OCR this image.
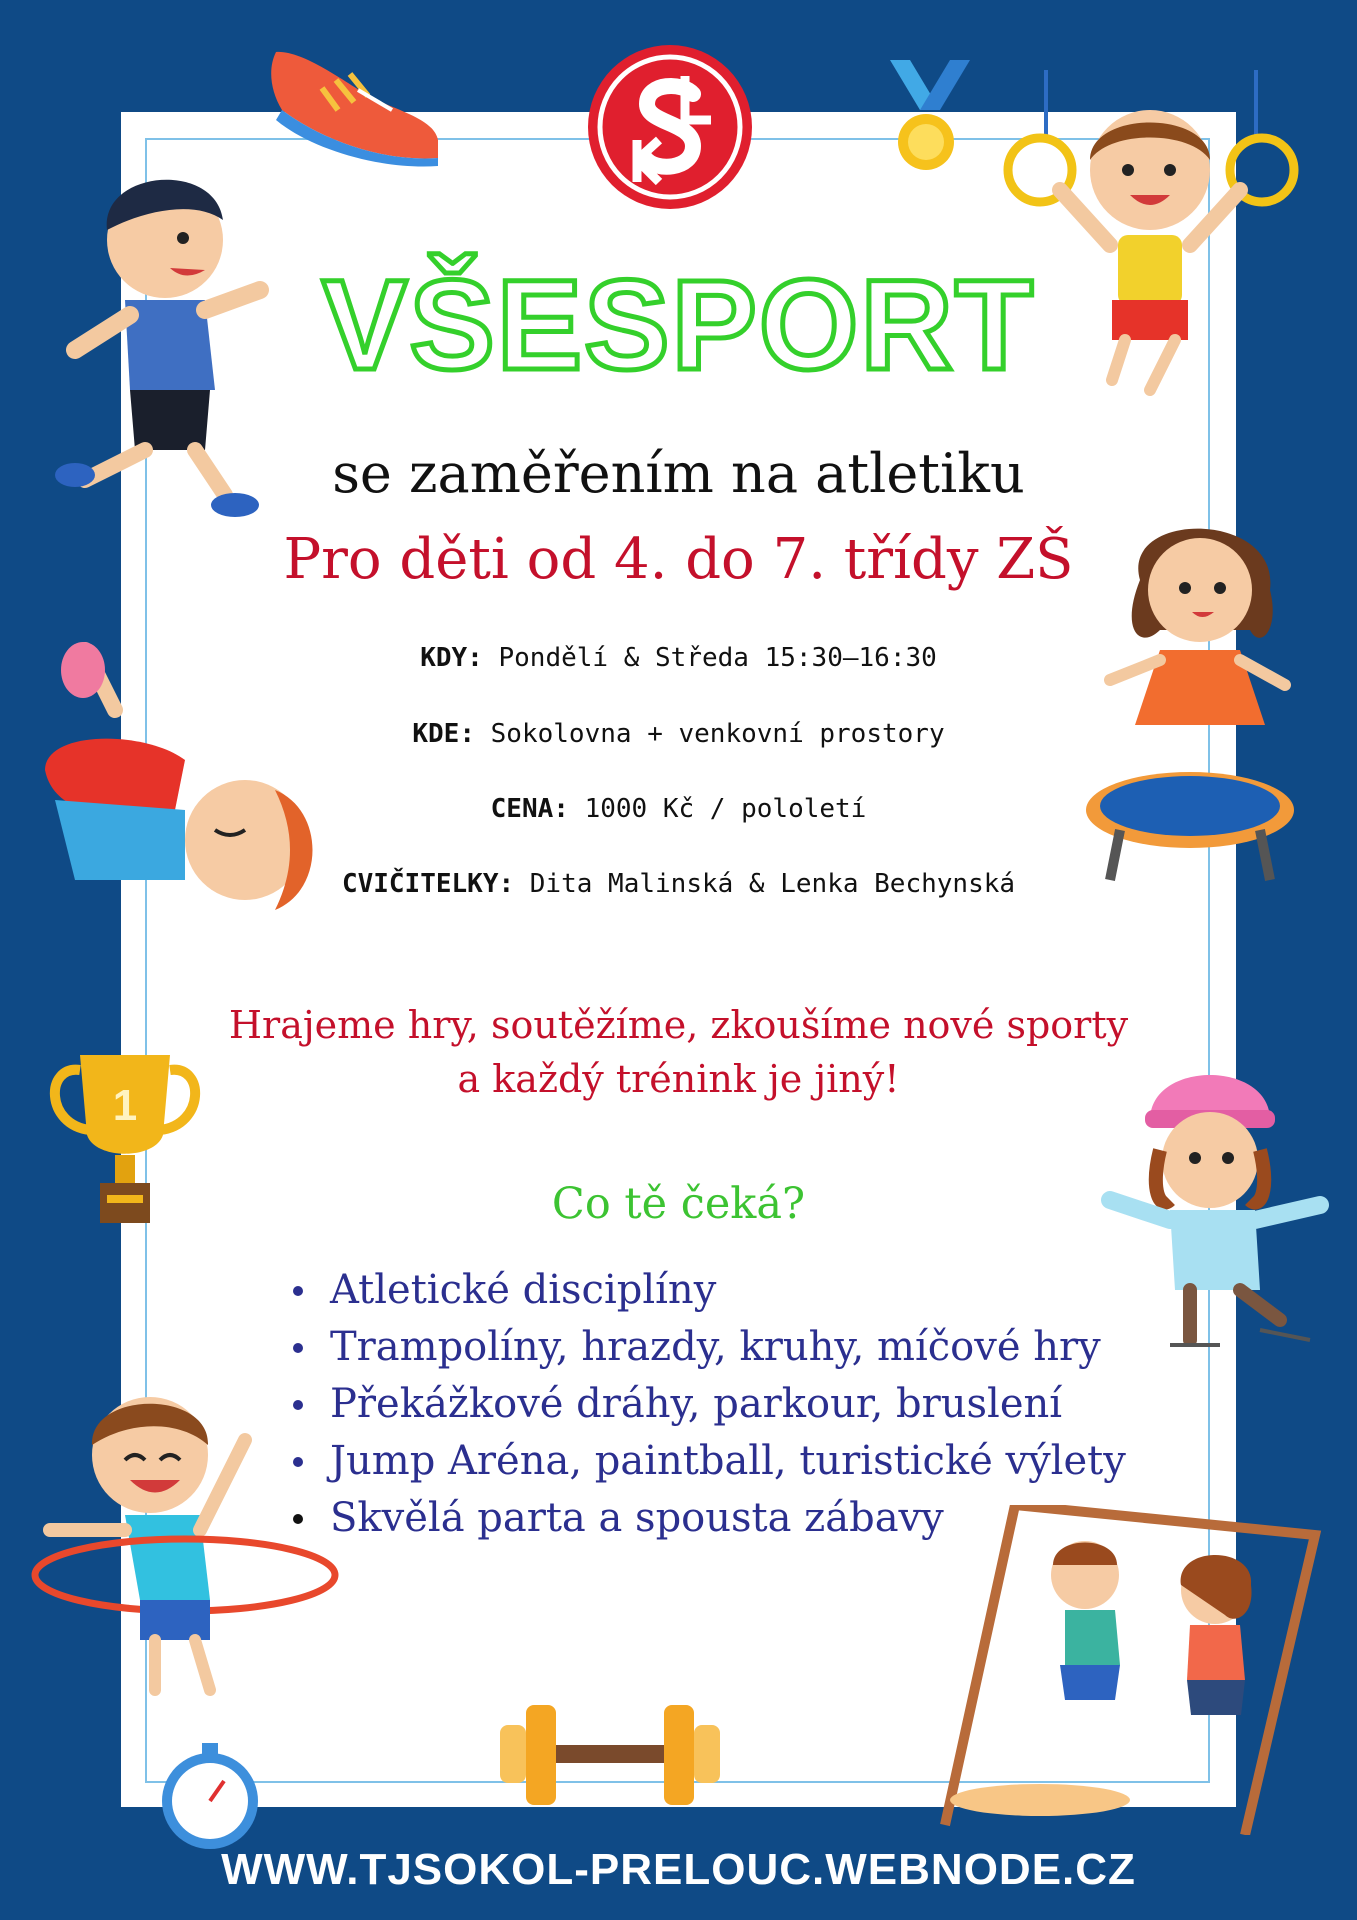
1
VŠESPORT
se zaměřením na atletiku
Pro děti od 4. do 7. třídy ZŠ
KDY: Pondělí & Středa 15:30–16:30
KDE: Sokolovna + venkovní prostory
CENA: 1000 Kč / pololetí
CVIČITELKY: Dita Malinská & Lenka Bechynská
Hrajeme hry, soutěžíme, zkoušíme nové sporty
a každý trénink je jiný!
Co tě čeká?
Atletické disciplíny
Trampolíny, hrazdy, kruhy, míčové hry
Překážkové dráhy, parkour, bruslení
Jump Aréna, paintball, turistické výlety
Skvělá parta a spousta zábavy
WWW.TJSOKOL-PRELOUC.WEBNODE.CZ
